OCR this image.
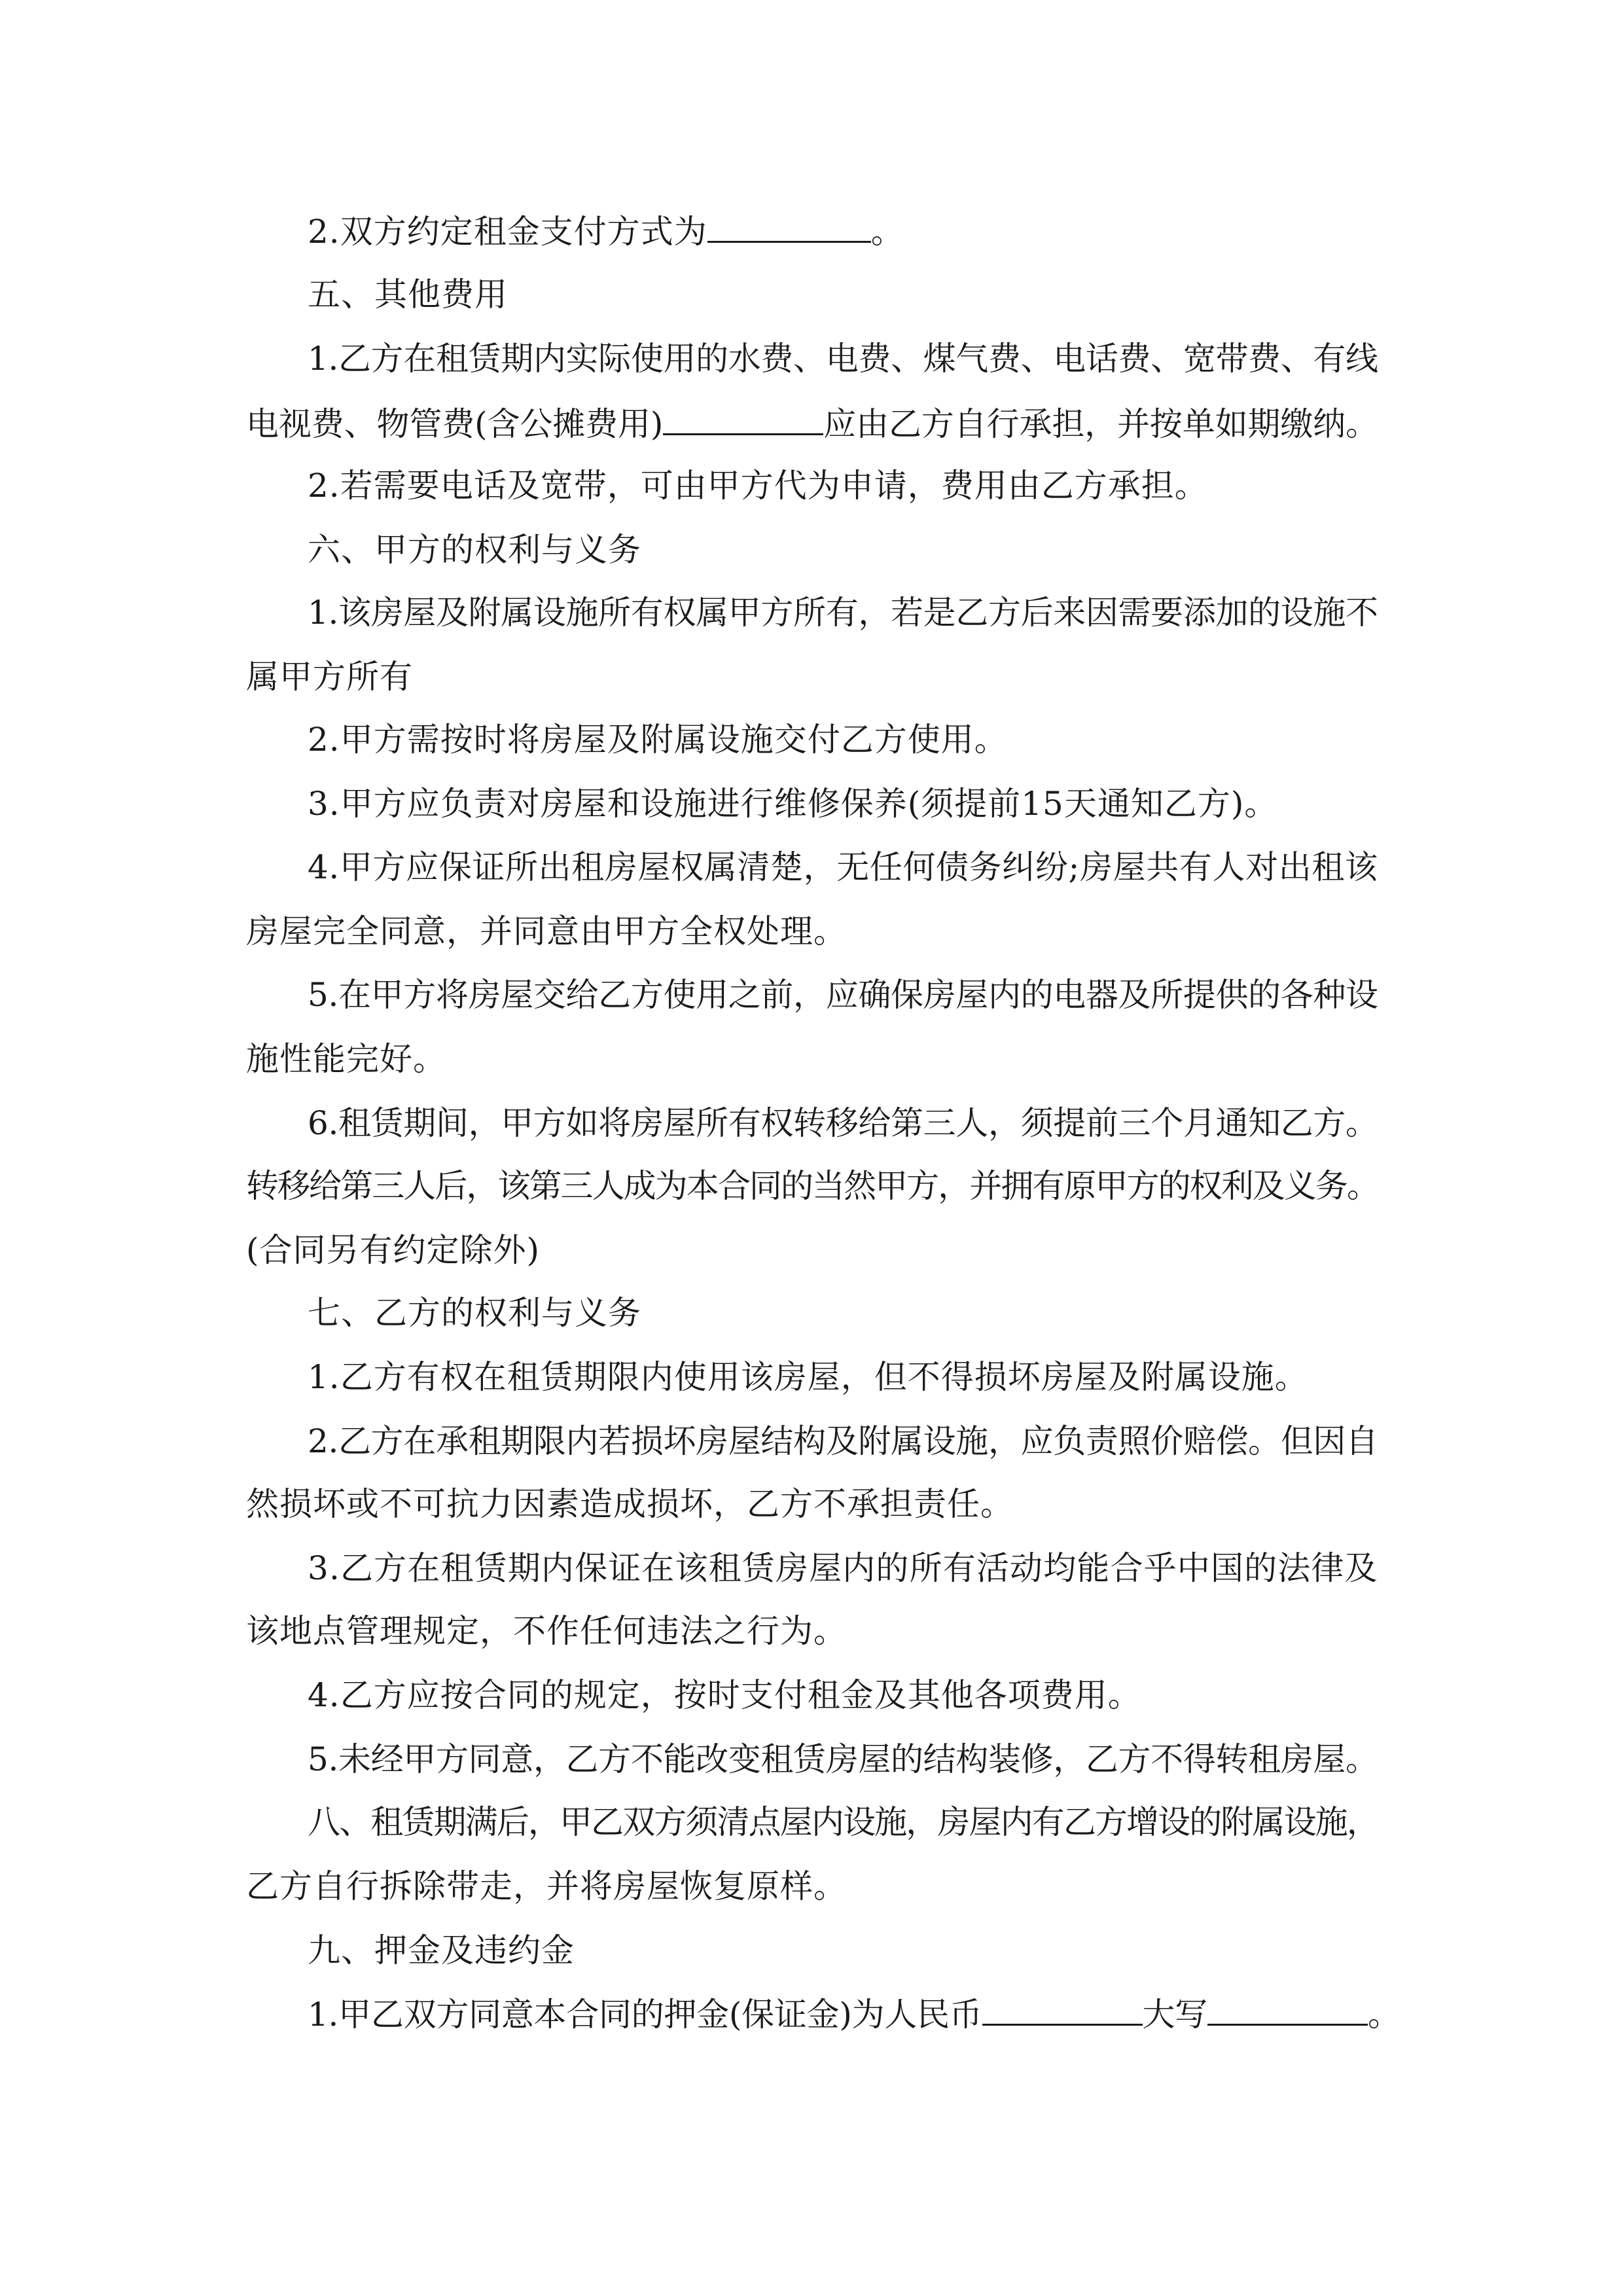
2.双方约定租金支付方式为	。
五、其他费用
1.乙方在租赁期内实际使用的水费、电费、煤气费、电话费、宽带费、有线
电视费、物管费(含公摊费用)	应由乙方自行承担，并按单如期缴纳。
2.若需要电话及宽带，可由甲方代为申请，费用由乙方承担。
六、甲方的权利与义务
1.该房屋及附属设施所有权属甲方所有，若是乙方后来因需要添加的设施不
属甲方所有
2.甲方需按时将房屋及附属设施交付乙方使用。
3.甲方应负责对房屋和设施进行维修保养(须提前15天通知乙方)。
4.甲方应保证所出租房屋权属清楚，无任何债务纠纷;房屋共有人对出租该
房屋完全同意，并同意由甲方全权处理。
5.在甲方将房屋交给乙方使用之前，应确保房屋内的电器及所提供的各种设
施性能完好。
6.租赁期间，甲方如将房屋所有权转移给第三人，须提前三个月通知乙方。
转移给第三人后，该第三人成为本合同的当然甲方，并拥有原甲方的权利及义务。
(合同另有约定除外)
七、乙方的权利与义务
1.乙方有权在租赁期限内使用该房屋，但不得损坏房屋及附属设施。
2.乙方在承租期限内若损坏房屋结构及附属设施，应负责照价赔偿。但因自
然损坏或不可抗力因素造成损坏，乙方不承担责任。
3.乙方在租赁期内保证在该租赁房屋内的所有活动均能合乎中国的法律及
该地点管理规定，不作任何违法之行为。
4.乙方应按合同的规定，按时支付租金及其他各项费用。
5.未经甲方同意，乙方不能改变租赁房屋的结构装修，乙方不得转租房屋。
八、租赁期满后，甲乙双方须清点屋内设施，房屋内有乙方增设的附属设施，
乙方自行拆除带走，并将房屋恢复原样。
九、押金及违约金
1.甲乙双方同意本合同的押金(保证金)为人民币	大写	。
